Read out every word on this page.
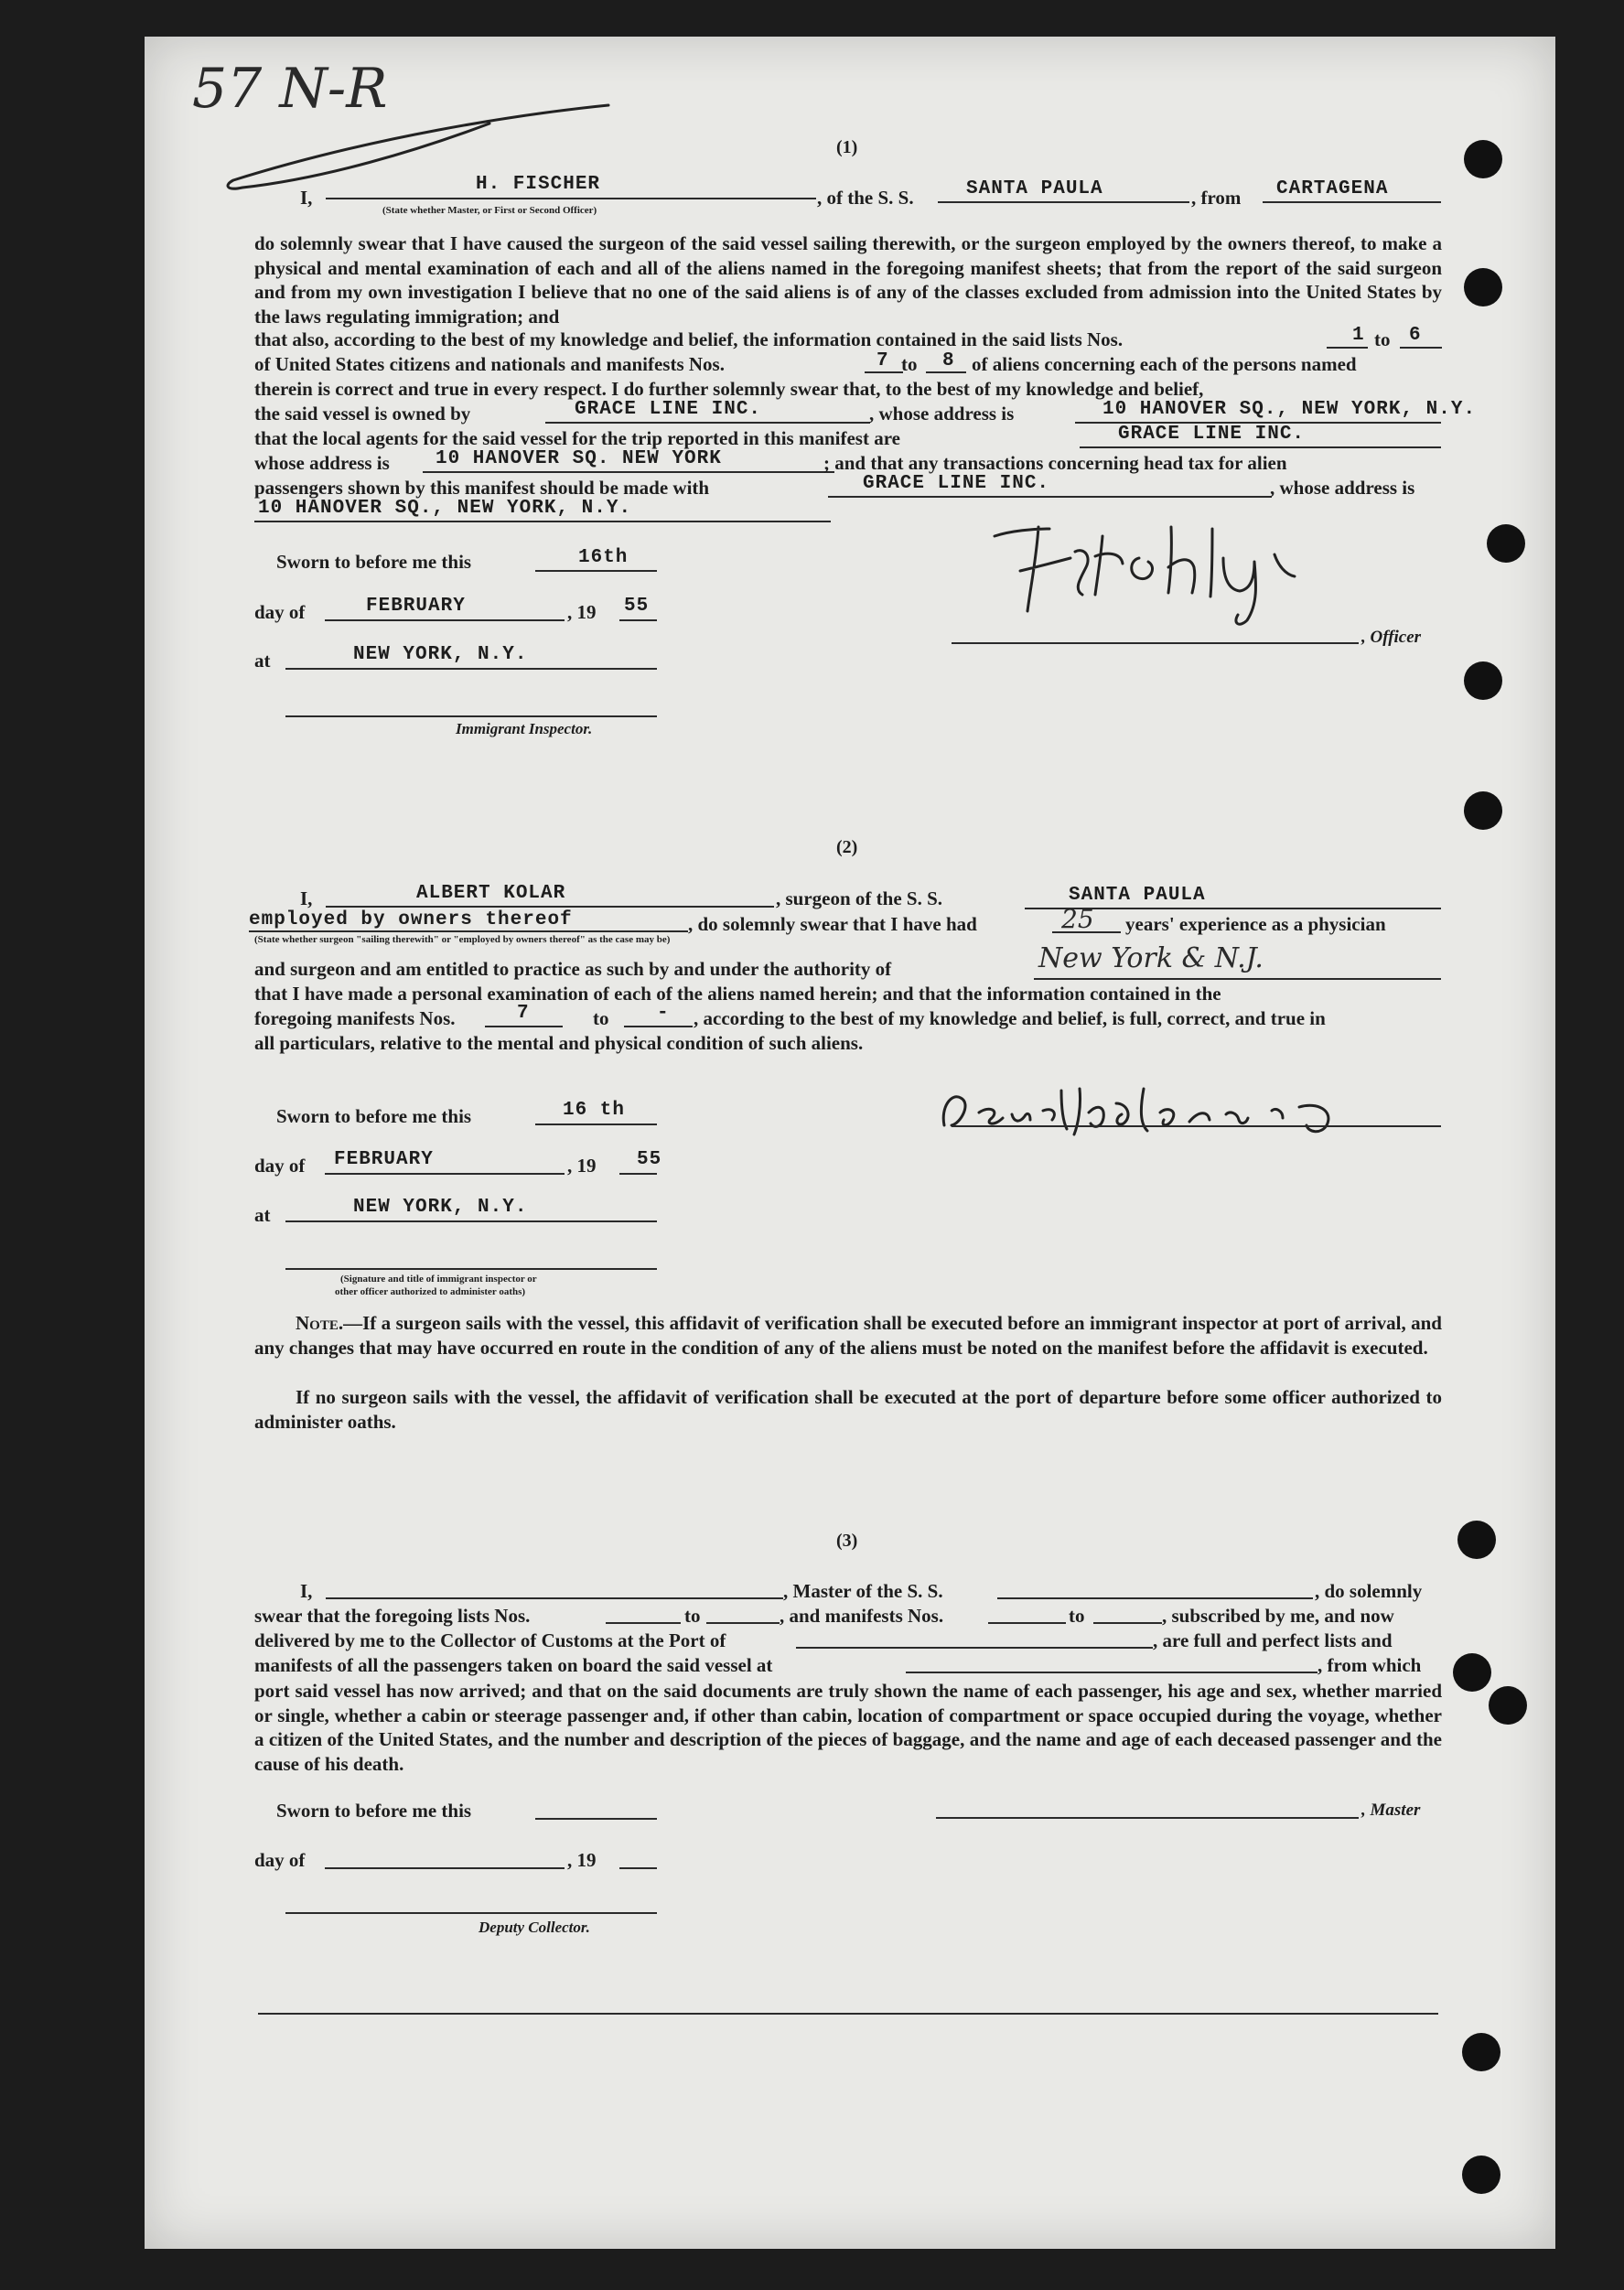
57 N-R
(1)
I,
H. FISCHER
(State whether Master, or First or Second Officer)
, of the S. S.	SANTA PAULA	, from CARTAGENA
do solemnly swear that I have caused the surgeon of the said vessel sailing therewith, or the surgeon employed by the owners thereof, to make a physical and mental examination of each and all of the aliens named in the foregoing manifest sheets; that from the report of the said surgeon and from my own investigation I believe that no one of the said aliens is of any of the classes excluded from admission into the United States by the laws regulating immigration; and
that also, according to the best of my knowledge and belief, the information contained in the said lists Nos.	1 to 6
of United States citizens and nationals and manifests Nos.	7 to 8 of aliens concerning each of the persons named
therein is correct and true in every respect. I do further solemnly swear that, to the best of my knowledge and belief,
the said vessel is owned by	GRACE LINE INC.	, whose address is	10 HANOVER SQ., NEW YORK, N.Y.
that the local agents for the said vessel for the trip reported in this manifest are	GRACE LINE INC.
whose address is 10 HANOVER SQ. NEW YORK	; and that any transactions concerning head tax for alien
passengers shown by this manifest should be made with	GRACE LINE INC.	, whose address is
10 HANOVER SQ., NEW YORK, N.Y.
Sworn to before me this	16th
day of	FEBRUARY	, 19 55
at	NEW YORK, N.Y.
Immigrant Inspector.
, Officer
(2)
I,	ALBERT KOLAR	, surgeon of the S. S.	SANTA PAULA
employed by owners thereof
(State whether surgeon "sailing therewith" or "employed by owners thereof" as the case may be)
, do solemnly swear that I have had	25 years' experience as a physician
and surgeon and am entitled to practice as such by and under the authority of	New York & N.J.
that I have made a personal examination of each of the aliens named herein; and that the information contained in the
foregoing manifests Nos.	7	to	- , according to the best of my knowledge and belief, is full, correct, and true in
all particulars, relative to the mental and physical condition of such aliens.
Sworn to before me this	16 th
day of FEBRUARY	, 19 55
at	NEW YORK, N.Y.
(Signature and title of immigrant inspector or
other officer authorized to administer oaths)
Note.—If a surgeon sails with the vessel, this affidavit of verification shall be executed before an immigrant inspector at port of arrival, and any changes that may have occurred en route in the condition of any of the aliens must be noted on the manifest before the affidavit is executed.
If no surgeon sails with the vessel, the affidavit of verification shall be executed at the port of departure before some officer authorized to administer oaths.
(3)
I,	, Master of the S. S.	, do solemnly
swear that the foregoing lists Nos.	to	, and manifests Nos.	to	, subscribed by me, and now
delivered by me to the Collector of Customs at the Port of	, are full and perfect lists and
manifests of all the passengers taken on board the said vessel at	, from which
port said vessel has now arrived; and that on the said documents are truly shown the name of each passenger, his age and sex, whether married or single, whether a cabin or steerage passenger and, if other than cabin, location of compartment or space occupied during the voyage, whether a citizen of the United States, and the number and description of the pieces of baggage, and the name and age of each deceased passenger and the cause of his death.
Sworn to before me this
day of	, 19
, Master
Deputy Collector.
